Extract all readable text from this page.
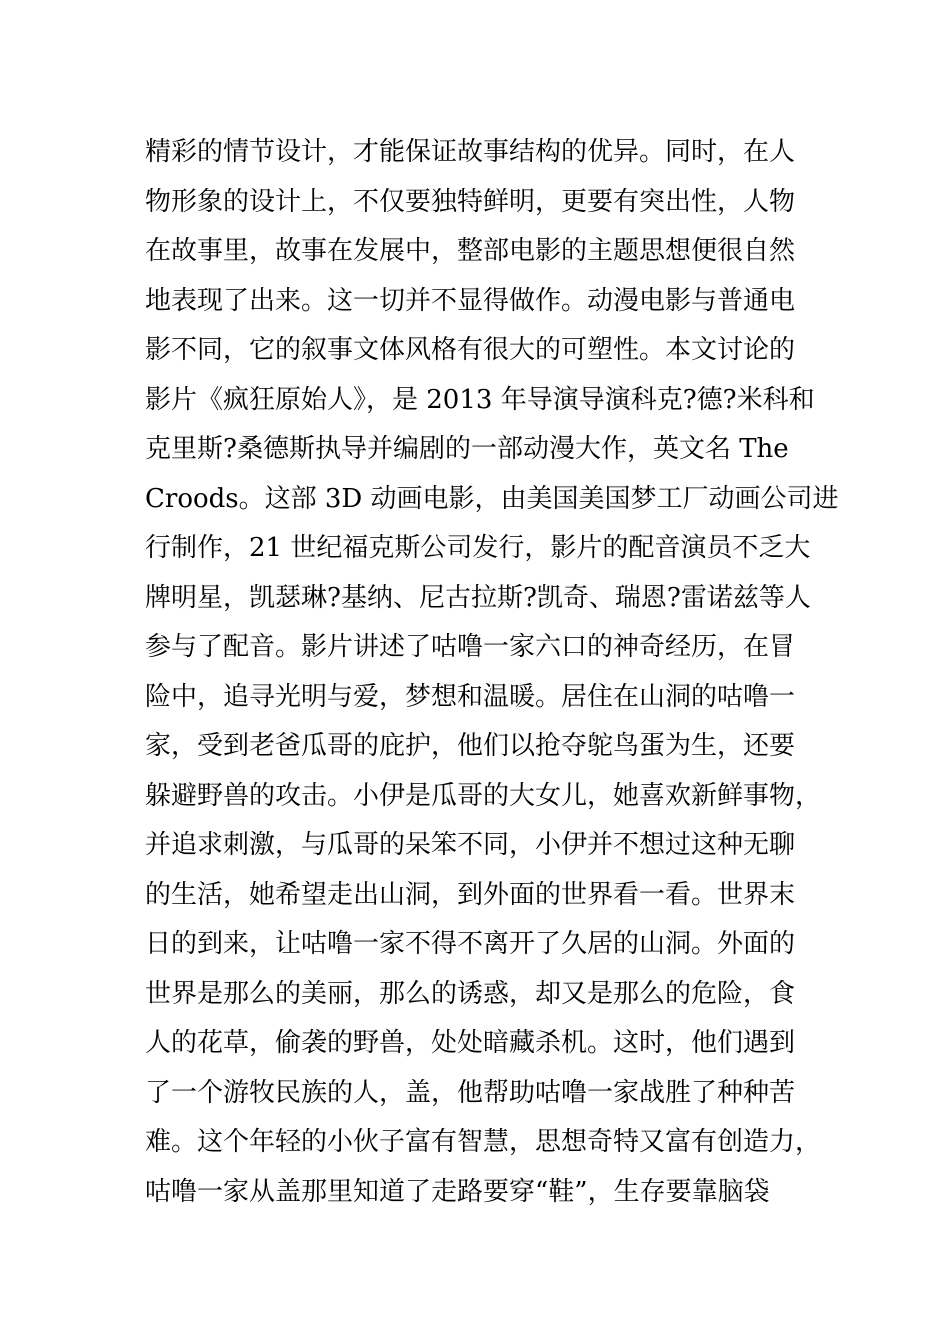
精彩的情节设计，才能保证故事结构的优异。同时，在人
物形象的设计上，不仅要独特鲜明，更要有突出性，人物
在故事里，故事在发展中，整部电影的主题思想便很自然
地表现了出来。这一切并不显得做作。动漫电影与普通电
影不同，它的叙事文体风格有很大的可塑性。本文讨论的
影片《疯狂原始人》，是 2013 年导演导演科克?德?米科和
克里斯?桑德斯执导并编剧的一部动漫大作，英文名 The
Croods。这部 3D 动画电影，由美国美国梦工厂动画公司进
行制作，21 世纪福克斯公司发行，影片的配音演员不乏大
牌明星，凯瑟琳?基纳、尼古拉斯?凯奇、瑞恩?雷诺兹等人
参与了配音。影片讲述了咕噜一家六口的神奇经历，在冒
险中，追寻光明与爱，梦想和温暖。居住在山洞的咕噜一
家，受到老爸瓜哥的庇护，他们以抢夺鸵鸟蛋为生，还要
躲避野兽的攻击。小伊是瓜哥的大女儿，她喜欢新鲜事物，
并追求刺激，与瓜哥的呆笨不同，小伊并不想过这种无聊
的生活，她希望走出山洞，到外面的世界看一看。世界末
日的到来，让咕噜一家不得不离开了久居的山洞。外面的
世界是那么的美丽，那么的诱惑，却又是那么的危险，食
人的花草，偷袭的野兽，处处暗藏杀机。这时，他们遇到
了一个游牧民族的人，盖，他帮助咕噜一家战胜了种种苦
难。这个年轻的小伙子富有智慧，思想奇特又富有创造力，
咕噜一家从盖那里知道了走路要穿“鞋”，生存要靠脑袋
